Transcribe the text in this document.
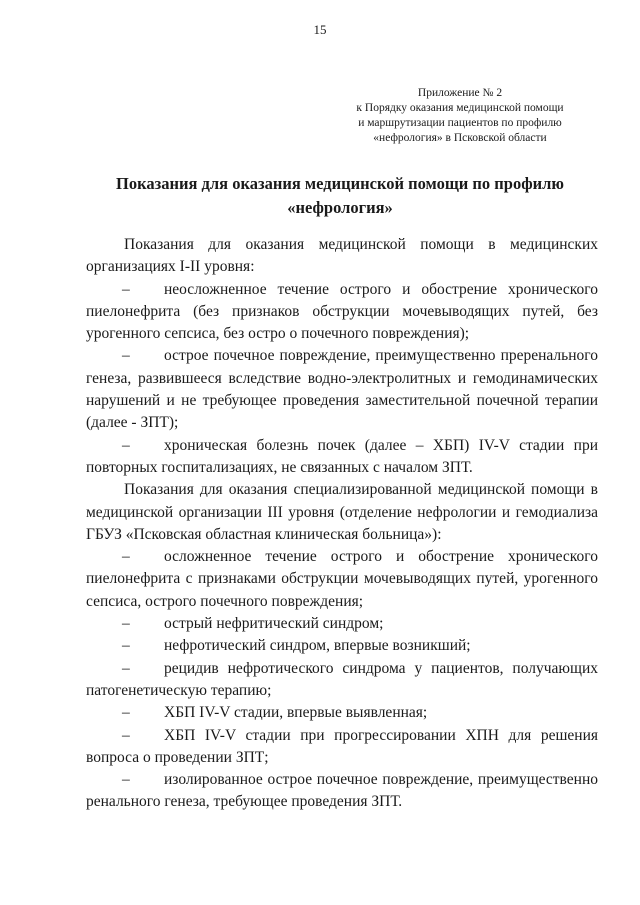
15
Приложение № 2
к Порядку оказания медицинской помощи
и маршрутизации пациентов по профилю
«нефрология» в Псковской области
Показания для оказания медицинской помощи по профилю
«нефрология»

Показания для оказания медицинской помощи в медицинских организациях I-II уровня:

– неосложненное течение острого и обострение хронического пиелонефрита (без признаков обструкции мочевыводящих путей, без урогенного сепсиса, без остро о почечного повреждения);

– острое почечное повреждение, преимущественно преренального генеза, развившееся вследствие водно-электролитных и гемодинамических нарушений и не требующее проведения заместительной почечной терапии (далее - ЗПТ);

– хроническая болезнь почек (далее – ХБП) IV-V стадии при повторных госпитализациях, не связанных с началом ЗПТ.

Показания для оказания специализированной медицинской помощи в медицинской организации III уровня (отделение нефрологии и гемодиализа ГБУЗ «Псковская областная клиническая больница»):

– осложненное течение острого и обострение хронического пиелонефрита с признаками обструкции мочевыводящих путей, урогенного сепсиса, острого почечного повреждения;

– острый нефритический синдром;

– нефротический синдром, впервые возникший;

– рецидив нефротического синдрома у пациентов, получающих патогенетическую терапию;

– ХБП IV-V стадии, впервые выявленная;

– ХБП IV-V стадии при прогрессировании ХПН для решения вопроса о проведении ЗПТ;

– изолированное острое почечное повреждение, преимущественно ренального генеза, требующее проведения ЗПТ.
